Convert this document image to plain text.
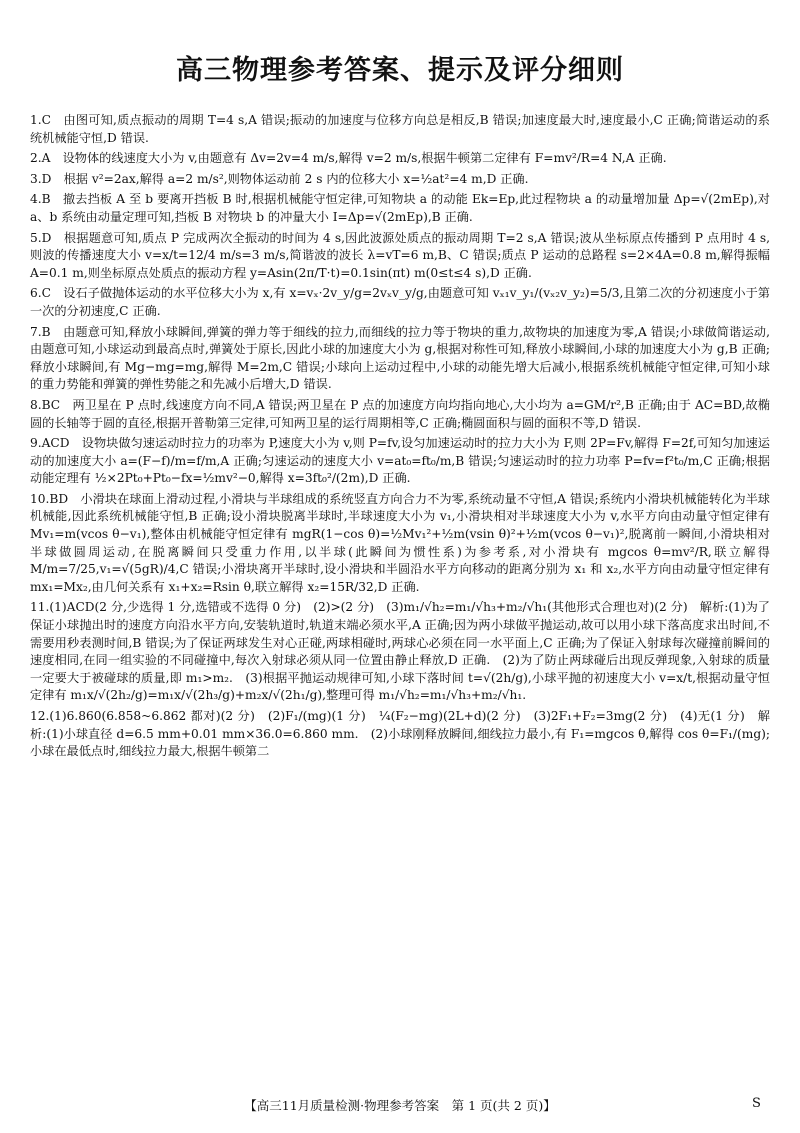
高三物理参考答案、提示及评分细则
1.C　由图可知,质点振动的周期 T=4 s,A 错误;振动的加速度与位移方向总是相反,B 错误;加速度最大时,速度最小,C 正确;简谐运动的系统机械能守恒,D 错误.
2.A　设物体的线速度大小为 v,由题意有 Δv=2v=4 m/s,解得 v=2 m/s,根据牛顿第二定律有 F=mv²/R=4 N,A 正确.
3.D　根据 v²=2ax,解得 a=2 m/s²,则物体运动前 2 s 内的位移大小 x=½at²=4 m,D 正确.
4.B　撤去挡板 A 至 b 要离开挡板 B 时,根据机械能守恒定律,可知物块 a 的动能 Ek=Ep,此过程物块 a 的动量增加量 Δp=√(2mEp),对 a、b 系统由动量定理可知,挡板 B 对物块 b 的冲量大小 I=Δp=√(2mEp),B 正确.
5.D　根据题意可知,质点 P 完成两次全振动的时间为 4 s,因此波源处质点的振动周期 T=2 s,A 错误;波从坐标原点传播到 P 点用时 4 s,则波的传播速度大小 v=x/t=12/4 m/s=3 m/s,简谐波的波长 λ=vT=6 m,B、C 错误;质点 P 运动的总路程 s=2×4A=0.8 m,解得振幅 A=0.1 m,则坐标原点处质点的振动方程 y=Asin(2π/T·t)=0.1sin(πt) m(0≤t≤4 s),D 正确.
6.C　设石子做抛体运动的水平位移大小为 x,有 x=vₓ·2v_y/g=2vₓv_y/g,由题意可知 vₓ₁v_y₁/(vₓ₂v_y₂)=5/3,且第二次的分初速度小于第一次的分初速度,C 正确.
7.B　由题意可知,释放小球瞬间,弹簧的弹力等于细线的拉力,而细线的拉力等于物块的重力,故物块的加速度为零,A 错误;小球做简谐运动,由题意可知,小球运动到最高点时,弹簧处于原长,因此小球的加速度大小为 g,根据对称性可知,释放小球瞬间,小球的加速度大小为 g,B 正确;释放小球瞬间,有 Mg−mg=mg,解得 M=2m,C 错误;小球向上运动过程中,小球的动能先增大后减小,根据系统机械能守恒定律,可知小球的重力势能和弹簧的弹性势能之和先减小后增大,D 错误.
8.BC　两卫星在 P 点时,线速度方向不同,A 错误;两卫星在 P 点的加速度方向均指向地心,大小均为 a=GM/r²,B 正确;由于 AC=BD,故椭圆的长轴等于圆的直径,根据开普勒第三定律,可知两卫星的运行周期相等,C 正确;椭圆面积与圆的面积不等,D 错误.
9.ACD　设物块做匀速运动时拉力的功率为 P,速度大小为 v,则 P=fv,设匀加速运动时的拉力大小为 F,则 2P=Fv,解得 F=2f,可知匀加速运动的加速度大小 a=(F−f)/m=f/m,A 正确;匀速运动的速度大小 v=at₀=ft₀/m,B 错误;匀速运动时的拉力功率 P=fv=f²t₀/m,C 正确;根据动能定理有 ½×2Pt₀+Pt₀−fx=½mv²−0,解得 x=3ft₀²/(2m),D 正确.
10.BD　小滑块在球面上滑动过程,小滑块与半球组成的系统竖直方向合力不为零,系统动量不守恒,A 错误;系统内小滑块机械能转化为半球机械能,因此系统机械能守恒,B 正确;设小滑块脱离半球时,半球速度大小为 v₁,小滑块相对半球速度大小为 v,水平方向由动量守恒定律有 Mv₁=m(vcos θ−v₁),整体由机械能守恒定律有 mgR(1−cos θ)=½Mv₁²+½m(vsin θ)²+½m(vcos θ−v₁)²,脱离前一瞬间,小滑块相对半球做圆周运动,在脱离瞬间只受重力作用,以半球(此瞬间为惯性系)为参考系,对小滑块有 mgcos θ=mv²/R,联立解得 M/m=7/25,v₁=√(5gR)/4,C 错误;小滑块离开半球时,设小滑块和半圆沿水平方向移动的距离分别为 x₁ 和 x₂,水平方向由动量守恒定律有 mx₁=Mx₂,由几何关系有 x₁+x₂=Rsin θ,联立解得 x₂=15R/32,D 正确.
11.(1)ACD(2 分,少选得 1 分,选错或不选得 0 分)　(2)>(2 分)　(3)m₁/√h₂=m₁/√h₃+m₂/√h₁(其他形式合理也对)(2 分)　解析:(1)为了保证小球抛出时的速度方向沿水平方向,安装轨道时,轨道末端必须水平,A 正确;因为两小球做平抛运动,故可以用小球下落高度求出时间,不需要用秒表测时间,B 错误;为了保证两球发生对心正碰,两球相碰时,两球心必须在同一水平面上,C 正确;为了保证入射球每次碰撞前瞬间的速度相同,在同一组实验的不同碰撞中,每次入射球必须从同一位置由静止释放,D 正确.　(2)为了防止两球碰后出现反弹现象,入射球的质量一定要大于被碰球的质量,即 m₁>m₂.　(3)根据平抛运动规律可知,小球下落时间 t=√(2h/g),小球平抛的初速度大小 v=x/t,根据动量守恒定律有 m₁x/√(2h₂/g)=m₁x/√(2h₃/g)+m₂x/√(2h₁/g),整理可得 m₁/√h₂=m₁/√h₃+m₂/√h₁.
12.(1)6.860(6.858~6.862 都对)(2 分)　(2)F₁/(mg)(1 分)　¼(F₂−mg)(2L+d)(2 分)　(3)2F₁+F₂=3mg(2 分)　(4)无(1 分)　解析:(1)小球直径 d=6.5 mm+0.01 mm×36.0=6.860 mm.　(2)小球刚释放瞬间,细线拉力最小,有 F₁=mgcos θ,解得 cos θ=F₁/(mg);小球在最低点时,细线拉力最大,根据牛顿第二
【高三11月质量检测·物理参考答案　第 1 页(共 2 页)】	S
